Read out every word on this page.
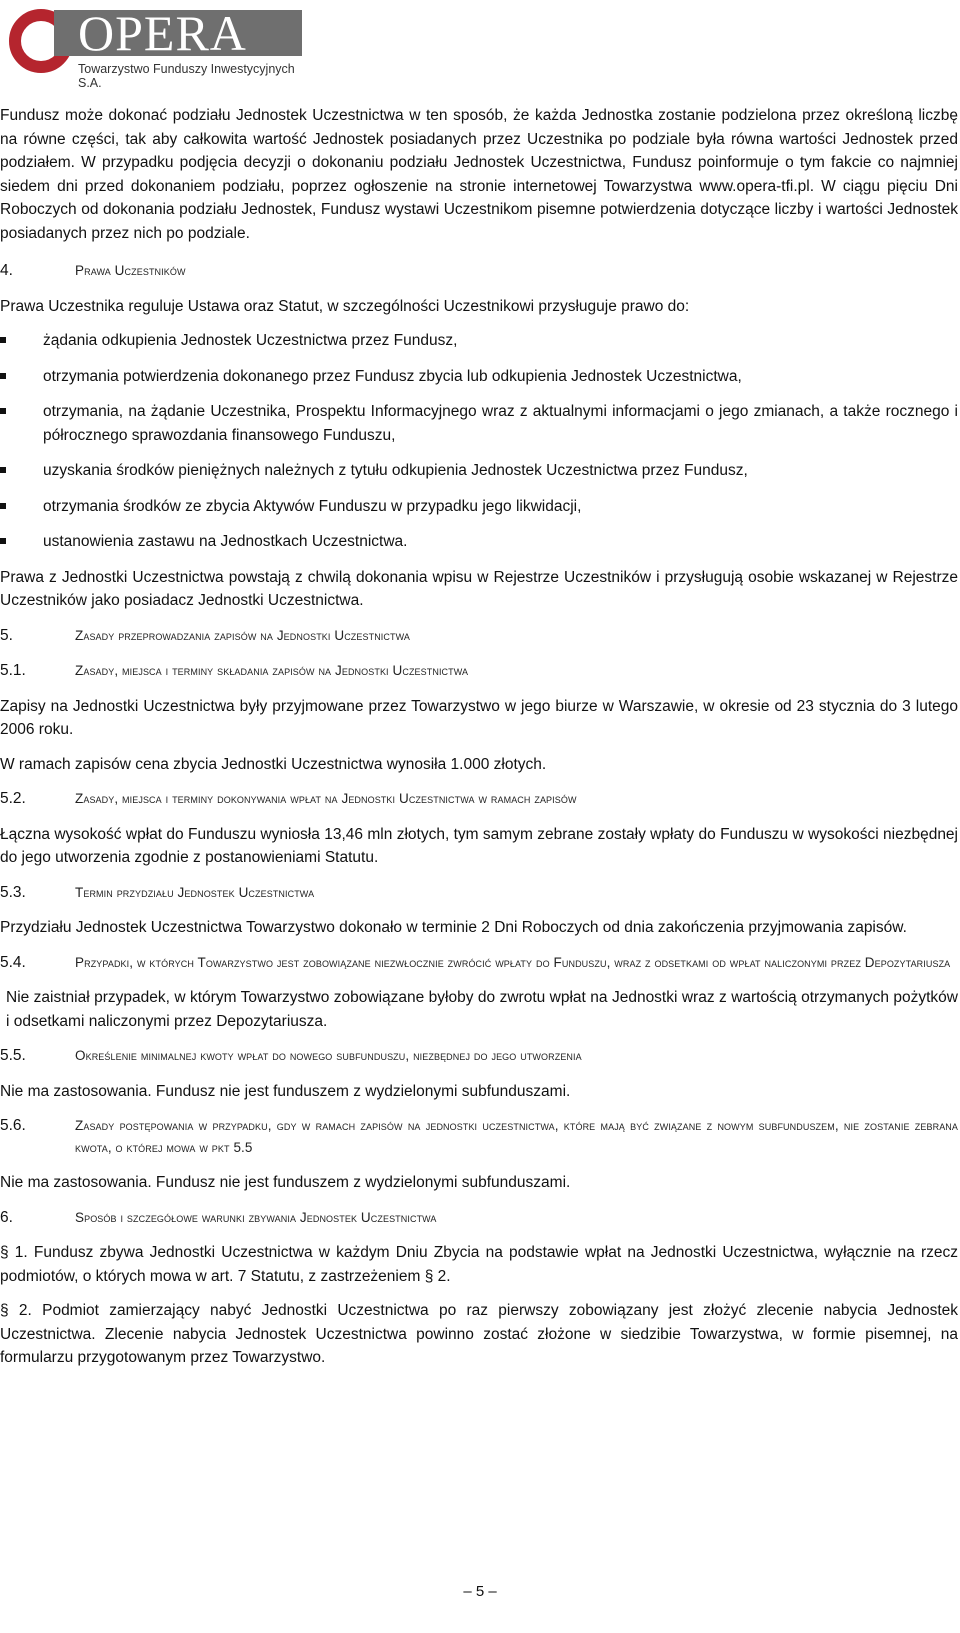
OPERA
Towarzystwo Funduszy Inwestycyjnych S.A.

Fundusz może dokonać podziału Jednostek Uczestnictwa w ten sposób, że każda Jednostka zostanie podzielona przez określoną liczbę na równe części, tak aby całkowita wartość Jednostek posiadanych przez Uczestnika po podziale była równa wartości Jednostek przed podziałem. W przypadku podjęcia decyzji o dokonaniu podziału Jednostek Uczestnictwa, Fundusz poinformuje o tym fakcie co najmniej siedem dni przed dokonaniem podziału, poprzez ogłoszenie na stronie internetowej Towarzystwa www.opera-tfi.pl. W ciągu pięciu Dni Roboczych od dokonania podziału Jednostek, Fundusz wystawi Uczestnikom pisemne potwierdzenia dotyczące liczby i wartości Jednostek posiadanych przez nich po podziale.

4.	Prawa Uczestników

Prawa Uczestnika reguluje Ustawa oraz Statut, w szczególności Uczestnikowi przysługuje prawo do:

żądania odkupienia Jednostek Uczestnictwa przez Fundusz,
otrzymania potwierdzenia dokonanego przez Fundusz zbycia lub odkupienia Jednostek Uczestnictwa,
otrzymania, na żądanie Uczestnika, Prospektu Informacyjnego wraz z aktualnymi informacjami o jego zmianach, a także rocznego i półrocznego sprawozdania finansowego Funduszu,
uzyskania środków pieniężnych należnych z tytułu odkupienia Jednostek Uczestnictwa przez Fundusz,
otrzymania środków ze zbycia Aktywów Funduszu w przypadku jego likwidacji,
ustanowienia zastawu na Jednostkach Uczestnictwa.

Prawa z Jednostki Uczestnictwa powstają z chwilą dokonania wpisu w Rejestrze Uczestników i przysługują osobie wskazanej w Rejestrze Uczestników jako posiadacz Jednostki Uczestnictwa.

5.	Zasady przeprowadzania zapisów na Jednostki Uczestnictwa
5.1.	Zasady, miejsca i terminy składania zapisów na Jednostki Uczestnictwa

Zapisy na Jednostki Uczestnictwa były przyjmowane przez Towarzystwo w jego biurze w Warszawie, w okresie od 23 stycznia do 3 lutego 2006 roku.

W ramach zapisów cena zbycia Jednostki Uczestnictwa wynosiła 1.000 złotych.

5.2.	Zasady, miejsca i terminy dokonywania wpłat na Jednostki Uczestnictwa w ramach zapisów

Łączna wysokość wpłat do Funduszu wyniosła 13,46 mln złotych, tym samym zebrane zostały wpłaty do Funduszu w wysokości niezbędnej do jego utworzenia zgodnie z postanowieniami Statutu.

5.3.	Termin przydziału Jednostek Uczestnictwa

Przydziału Jednostek Uczestnictwa Towarzystwo dokonało w terminie 2 Dni Roboczych od dnia zakończenia przyjmowania zapisów.

5.4.	Przypadki, w których Towarzystwo jest zobowiązane niezwłocznie zwrócić wpłaty do Funduszu, wraz z odsetkami od wpłat naliczonymi przez Depozytariusza

Nie zaistniał przypadek, w którym Towarzystwo zobowiązane byłoby do zwrotu wpłat na Jednostki wraz z wartością otrzymanych pożytków i odsetkami naliczonymi przez Depozytariusza.

5.5.	Określenie minimalnej kwoty wpłat do nowego subfunduszu, niezbędnej do jego utworzenia

Nie ma zastosowania. Fundusz nie jest funduszem z wydzielonymi subfunduszami.

5.6.	Zasady postępowania w przypadku, gdy w ramach zapisów na jednostki uczestnictwa, które mają być związane z nowym subfunduszem, nie zostanie zebrana kwota, o której mowa w pkt 5.5

Nie ma zastosowania. Fundusz nie jest funduszem z wydzielonymi subfunduszami.

6.	Sposób i szczegółowe warunki zbywania Jednostek Uczestnictwa

§ 1. Fundusz zbywa Jednostki Uczestnictwa w każdym Dniu Zbycia na podstawie wpłat na Jednostki Uczestnictwa, wyłącznie na rzecz podmiotów, o których mowa w art. 7 Statutu, z zastrzeżeniem § 2.

§ 2. Podmiot zamierzający nabyć Jednostki Uczestnictwa po raz pierwszy zobowiązany jest złożyć zlecenie nabycia Jednostek Uczestnictwa. Zlecenie nabycia Jednostek Uczestnictwa powinno zostać złożone w siedzibie Towarzystwa, w formie pisemnej, na formularzu przygotowanym przez Towarzystwo.

– 5 –
